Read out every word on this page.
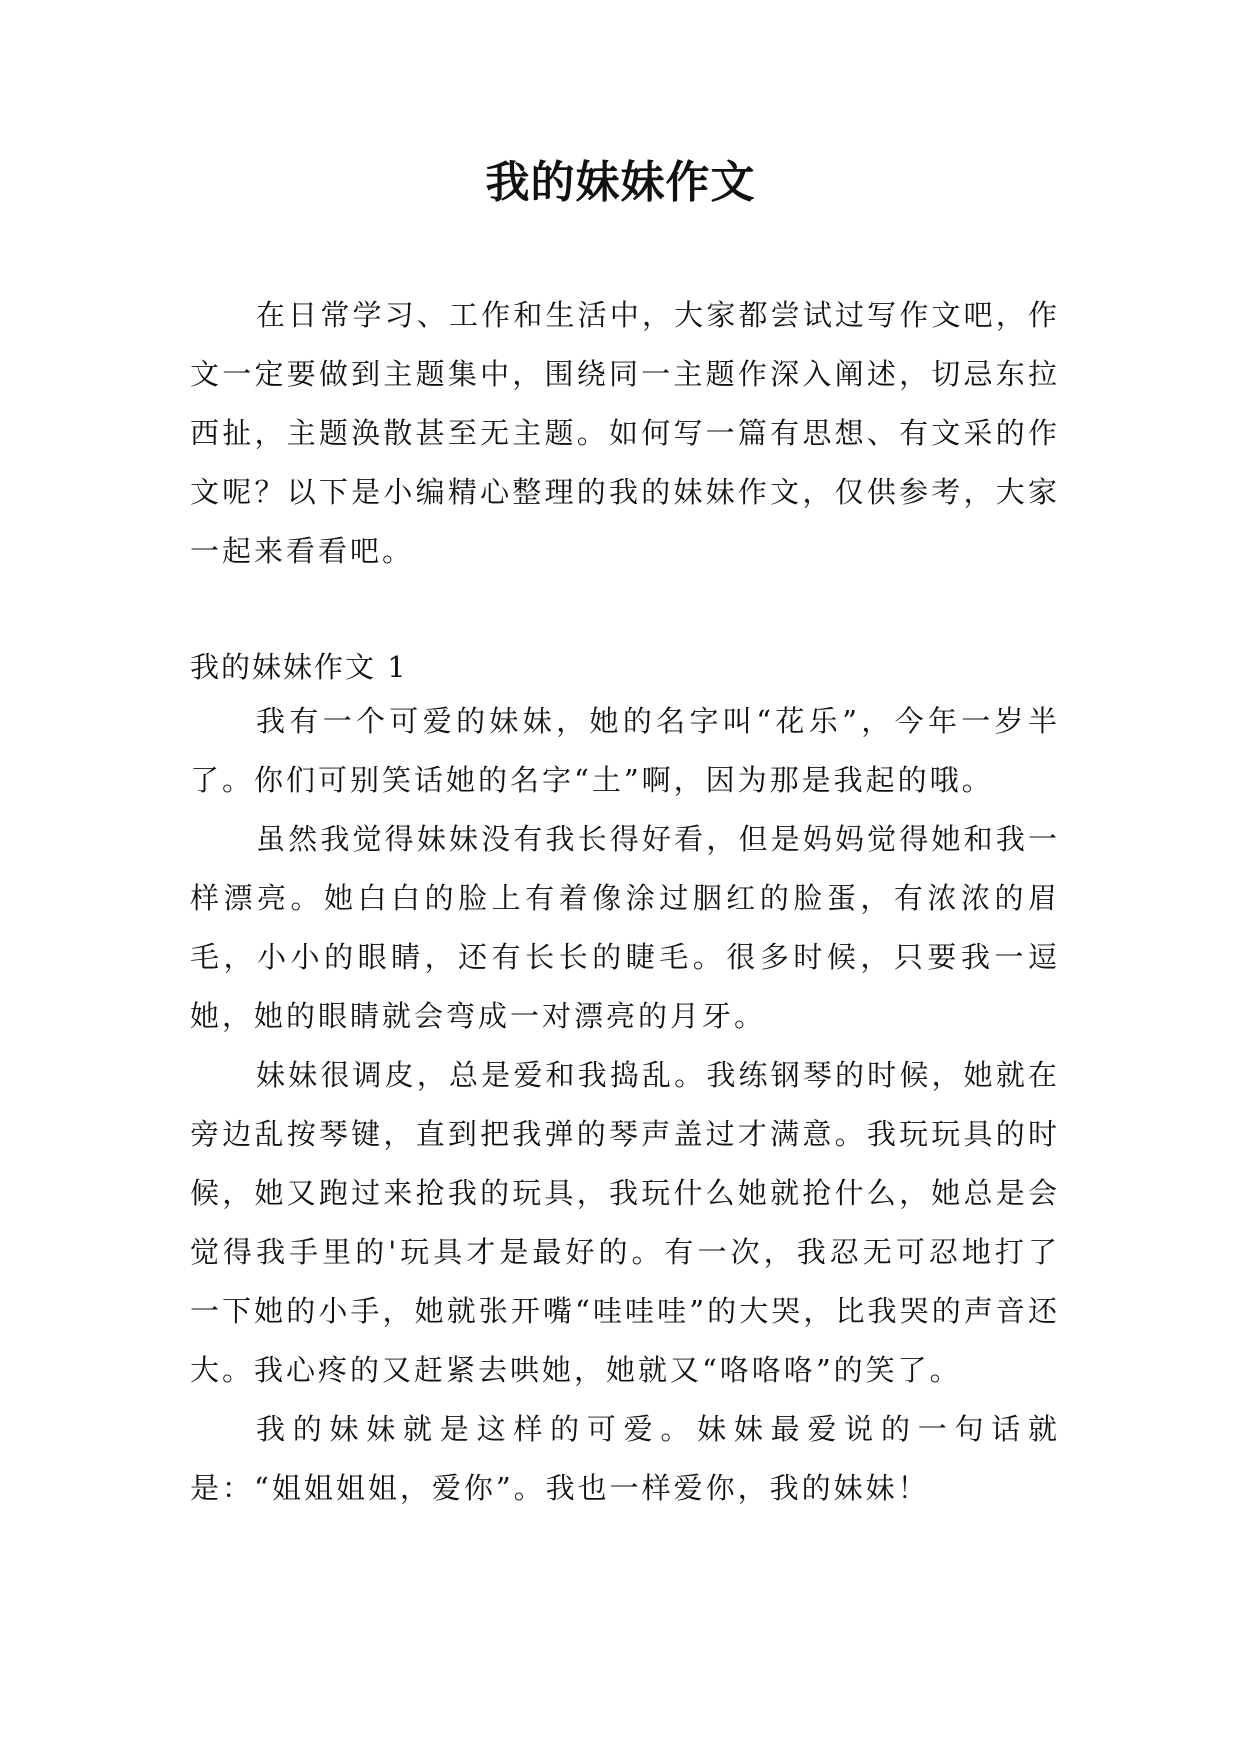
我的妹妹作文

在日常学习、工作和生活中，大家都尝试过写作文吧，作文一定要做到主题集中，围绕同一主题作深入阐述，切忌东拉西扯，主题涣散甚至无主题。如何写一篇有思想、有文采的作文呢？以下是小编精心整理的我的妹妹作文，仅供参考，大家一起来看看吧。

我的妹妹作文 1

我有一个可爱的妹妹，她的名字叫“花乐”，今年一岁半了。你们可别笑话她的名字“土”啊，因为那是我起的哦。

虽然我觉得妹妹没有我长得好看，但是妈妈觉得她和我一样漂亮。她白白的脸上有着像涂过胭红的脸蛋，有浓浓的眉毛，小小的眼睛，还有长长的睫毛。很多时候，只要我一逗她，她的眼睛就会弯成一对漂亮的月牙。

妹妹很调皮，总是爱和我捣乱。我练钢琴的时候，她就在旁边乱按琴键，直到把我弹的琴声盖过才满意。我玩玩具的时候，她又跑过来抢我的玩具，我玩什么她就抢什么，她总是会觉得我手里的'玩具才是最好的。有一次，我忍无可忍地打了一下她的小手，她就张开嘴“哇哇哇”的大哭，比我哭的声音还大。我心疼的又赶紧去哄她，她就又“咯咯咯”的笑了。

我的妹妹就是这样的可爱。妹妹最爱说的一句话就是：“姐姐姐姐，爱你”。我也一样爱你，我的妹妹！
